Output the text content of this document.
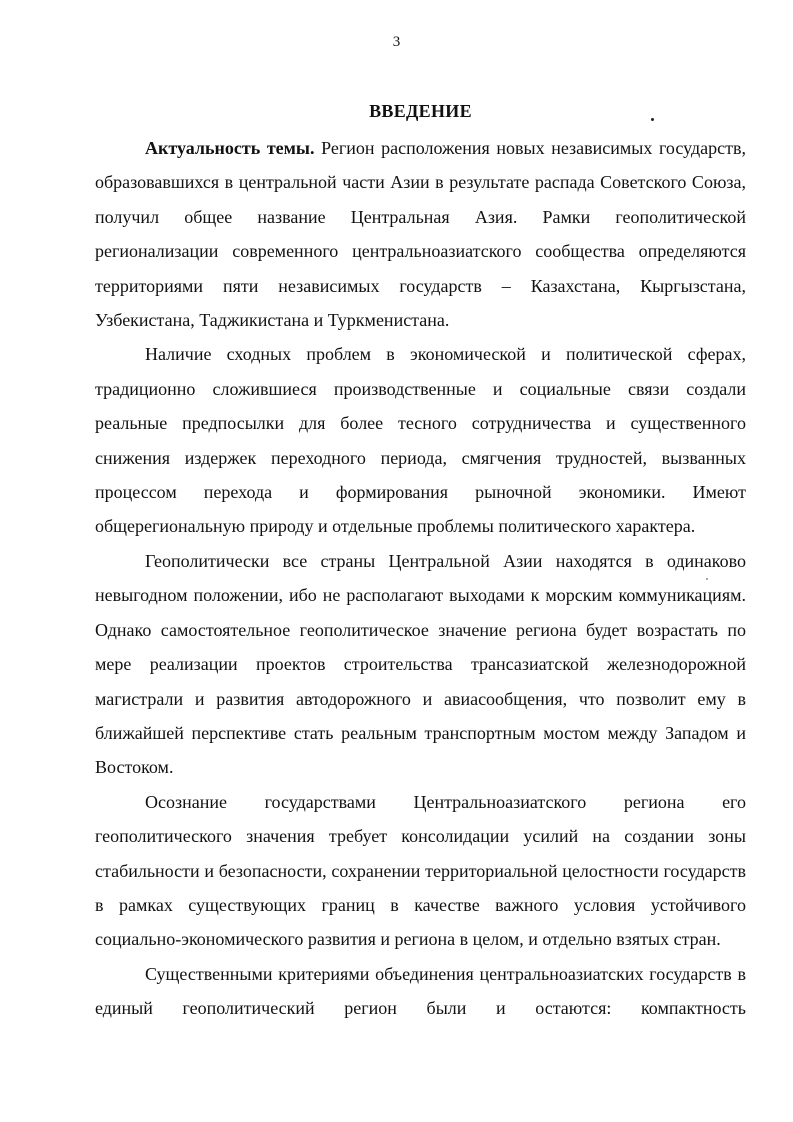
3
ВВЕДЕНИЕ

Актуальность темы. Регион расположения новых независимых государств, образовавшихся в центральной части Азии в результате распада Советского Союза, получил общее название Центральная Азия. Рамки геополитической регионализации современного центральноазиатского сообщества определяются территориями пяти независимых государств – Казахстана, Кыргызстана, Узбекистана, Таджикистана и Туркменистана.

Наличие сходных проблем в экономической и политической сферах, традиционно сложившиеся производственные и социальные связи создали реальные предпосылки для более тесного сотрудничества и существенного снижения издержек переходного периода, смягчения трудностей, вызванных процессом перехода и формирования рыночной экономики. Имеют общерегиональную природу и отдельные проблемы политического характера.

Геополитически все страны Центральной Азии находятся в одинаково невыгодном положении, ибо не располагают выходами к морским коммуникациям. Однако самостоятельное геополитическое значение региона будет возрастать по мере реализации проектов строительства трансазиатской железнодорожной магистрали и развития автодорожного и авиасообщения, что позволит ему в ближайшей перспективе стать реальным транспортным мостом между Западом и Востоком.

Осознание государствами Центральноазиатского региона его геополитического значения требует консолидации усилий на создании зоны стабильности и безопасности, сохранении территориальной целостности государств в рамках существующих границ в качестве важного условия устойчивого социально-экономического развития и региона в целом, и отдельно взятых стран.

Существенными критериями объединения центральноазиатских государств в единый геополитический регион были и остаются: компактность
